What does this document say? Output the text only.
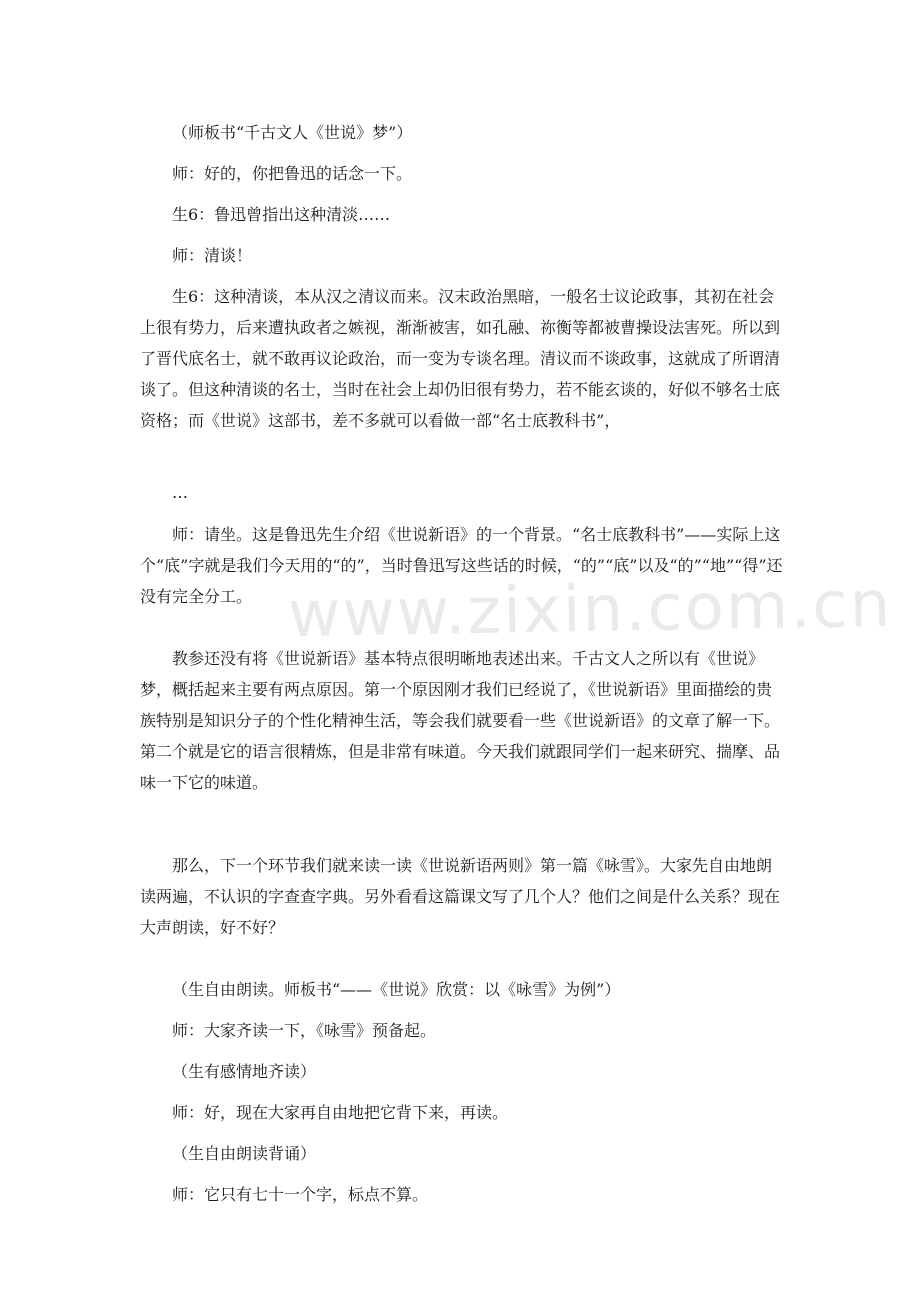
（师板书“千古文人《世说》梦”）

师：好的，你把鲁迅的话念一下。

生6：鲁迅曾指出这种清淡……

师：清谈！

生6：这种清谈，本从汉之清议而来。汉末政治黑暗，一般名士议论政事，其初在社会上很有势力，后来遭执政者之嫉视，渐渐被害，如孔融、祢衡等都被曹操设法害死。所以到了晋代底名士，就不敢再议论政治，而一变为专谈名理。清议而不谈政事，这就成了所谓清谈了。但这种清谈的名士，当时在社会上却仍旧很有势力，若不能玄谈的，好似不够名士底资格；而《世说》这部书，差不多就可以看做一部“名士底教科书”，

…

师：请坐。这是鲁迅先生介绍《世说新语》的一个背景。“名士底教科书”——实际上这个“底”字就是我们今天用的“的”，当时鲁迅写这些话的时候，“的”“底”以及“的”“地”“得”还没有完全分工。

教参还没有将《世说新语》基本特点很明晰地表述出来。千古文人之所以有《世说》梦，概括起来主要有两点原因。第一个原因刚才我们已经说了，《世说新语》里面描绘的贵族特别是知识分子的个性化精神生活，等会我们就要看一些《世说新语》的文章了解一下。第二个就是它的语言很精炼，但是非常有味道。今天我们就跟同学们一起来研究、揣摩、品味一下它的味道。

那么，下一个环节我们就来读一读《世说新语两则》第一篇《咏雪》。大家先自由地朗读两遍，不认识的字查查字典。另外看看这篇课文写了几个人？他们之间是什么关系？现在大声朗读，好不好？

（生自由朗读。师板书“——《世说》欣赏：以《咏雪》为例”）

师：大家齐读一下，《咏雪》预备起。

（生有感情地齐读）

师：好，现在大家再自由地把它背下来，再读。

（生自由朗读背诵）

师：它只有七十一个字，标点不算。

www.zixin.com.cn
